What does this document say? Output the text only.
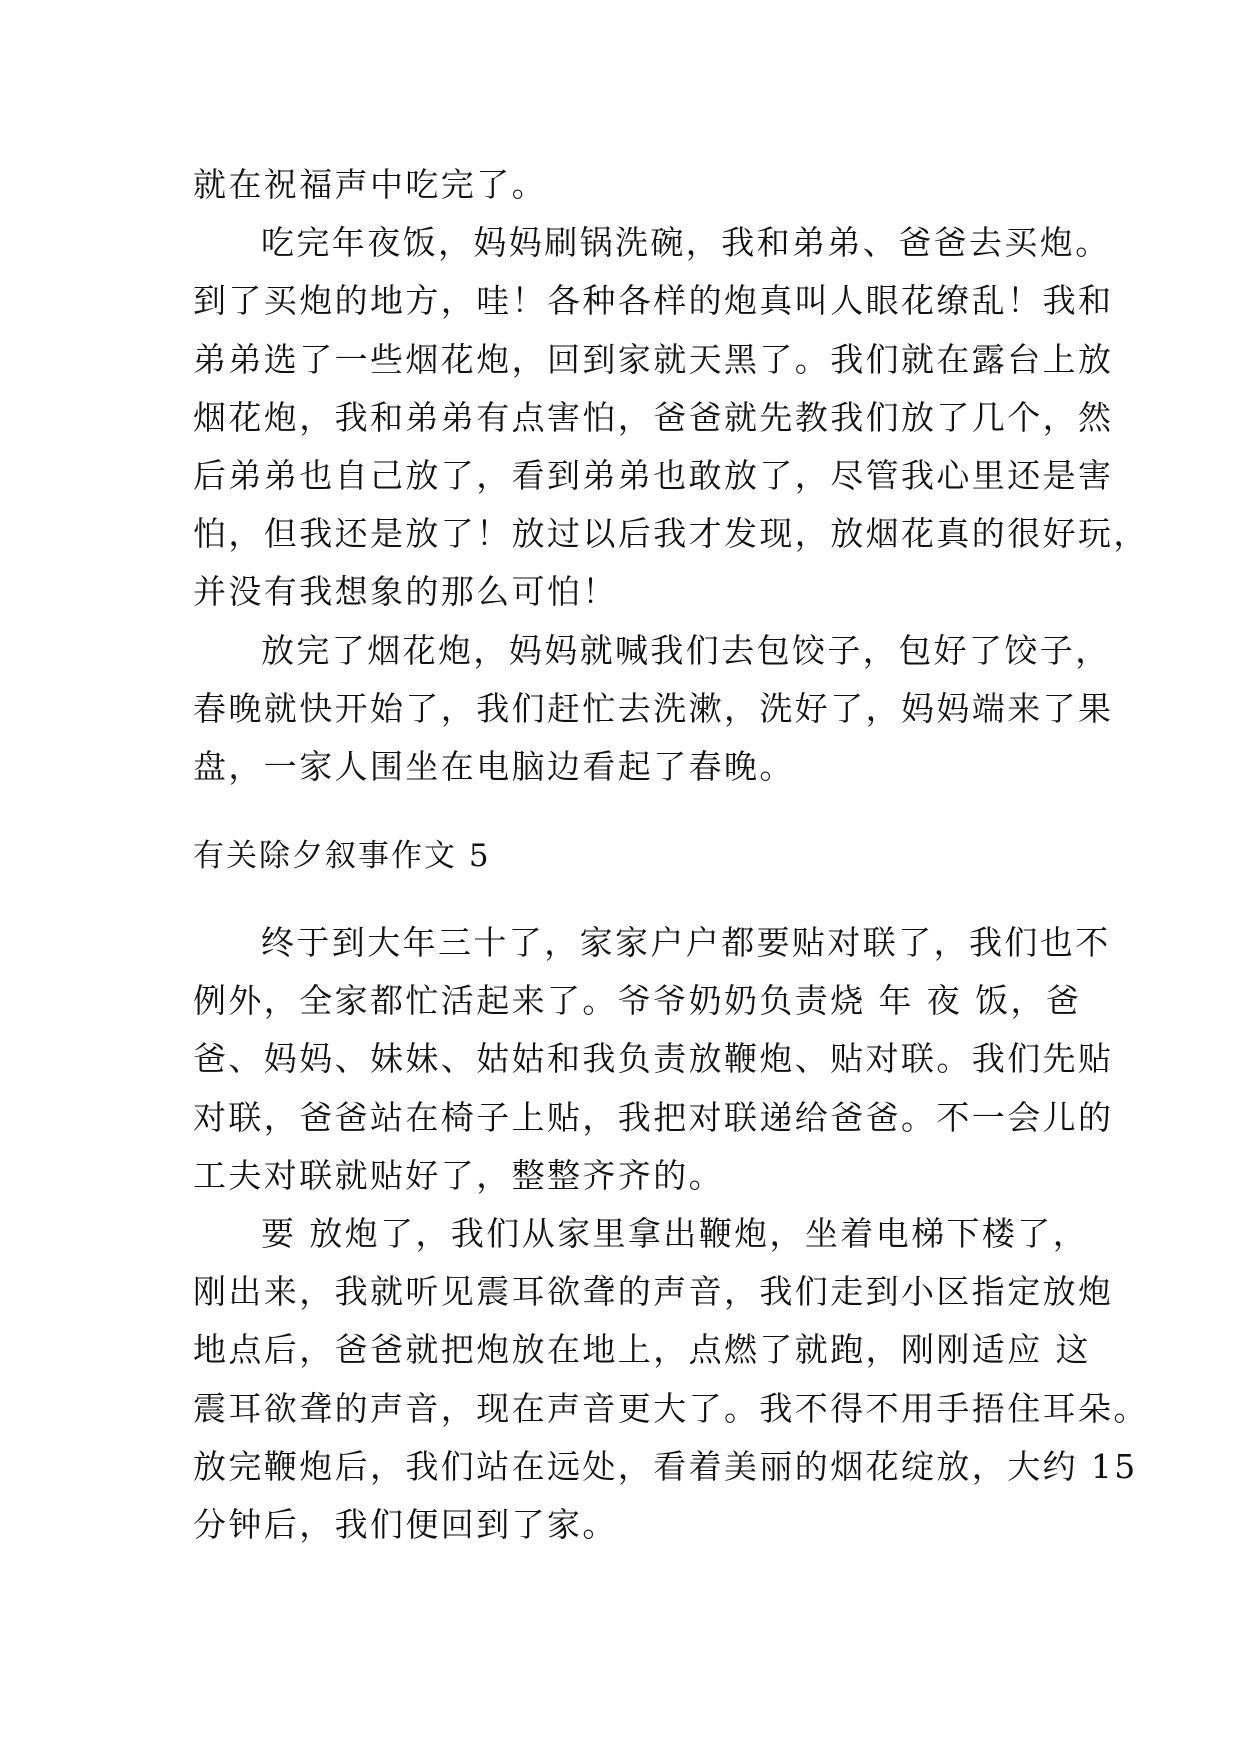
就在祝福声中吃完了。
吃完年夜饭，妈妈刷锅洗碗，我和弟弟、爸爸去买炮。
到了买炮的地方，哇！各种各样的炮真叫人眼花缭乱！我和
弟弟选了一些烟花炮，回到家就天黑了。我们就在露台上放
烟花炮，我和弟弟有点害怕，爸爸就先教我们放了几个，然
后弟弟也自己放了，看到弟弟也敢放了，尽管我心里还是害
怕，但我还是放了！放过以后我才发现，放烟花真的很好玩，
并没有我想象的那么可怕！
放完了烟花炮，妈妈就喊我们去包饺子，包好了饺子，
春晚就快开始了，我们赶忙去洗漱，洗好了，妈妈端来了果
盘，一家人围坐在电脑边看起了春晚。
有关除夕叙事作文 5
终于到大年三十了，家家户户都要贴对联了，我们也不
例外，全家都忙活起来了。爷爷奶奶负责烧 年 夜 饭，爸
爸、妈妈、妹妹、姑姑和我负责放鞭炮、贴对联。我们先贴
对联，爸爸站在椅子上贴，我把对联递给爸爸。不一会儿的
工夫对联就贴好了，整整齐齐的。
要 放炮了，我们从家里拿出鞭炮，坐着电梯下楼了，
刚出来，我就听见震耳欲聋的声音，我们走到小区指定放炮
地点后，爸爸就把炮放在地上，点燃了就跑，刚刚适应 这
震耳欲聋的声音，现在声音更大了。我不得不用手捂住耳朵。
放完鞭炮后，我们站在远处，看着美丽的烟花绽放，大约 15
分钟后，我们便回到了家。
